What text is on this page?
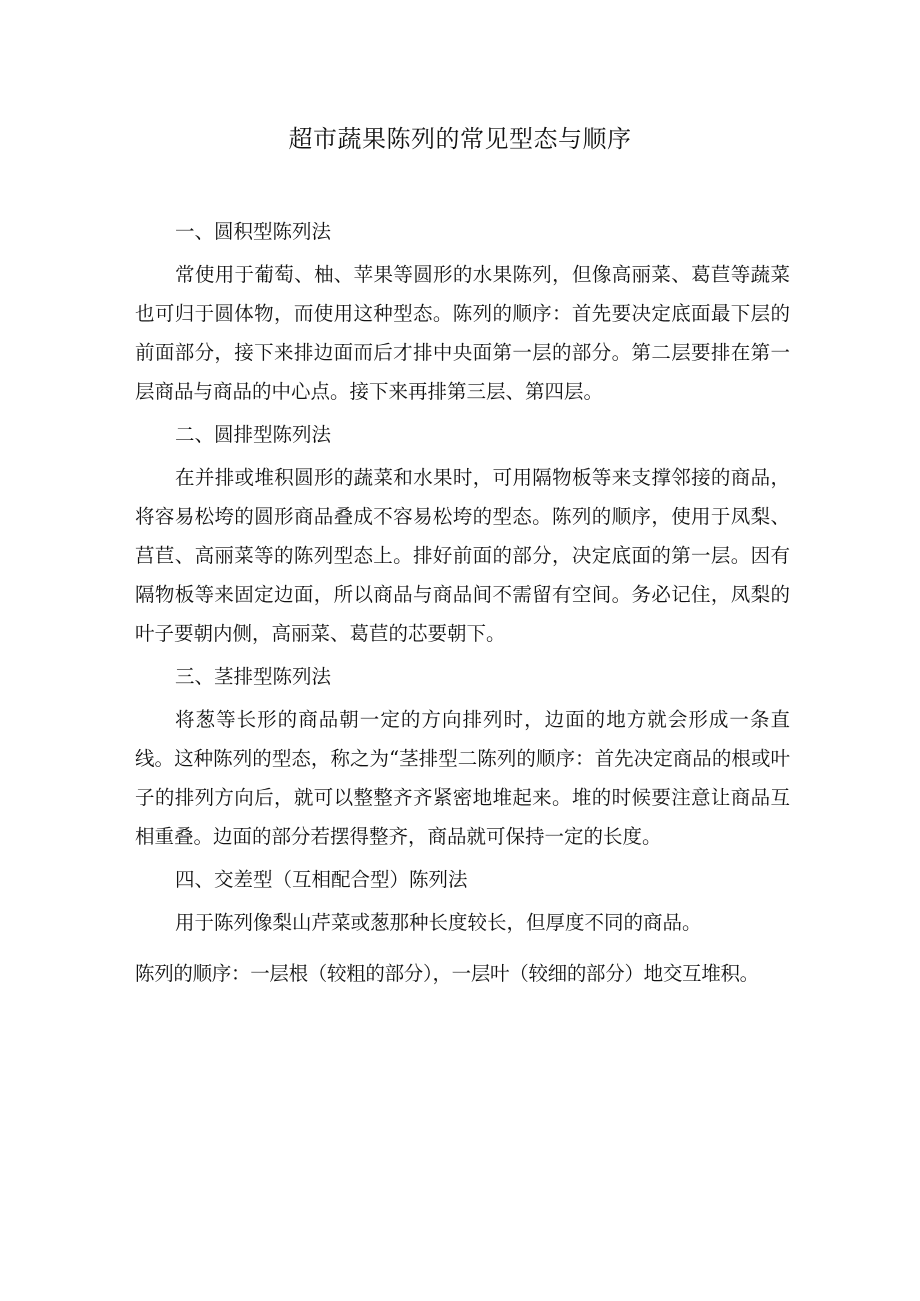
超市蔬果陈列的常见型态与顺序

一、圆积型陈列法

常使用于葡萄、柚、苹果等圆形的水果陈列，但像高丽菜、葛苣等蔬菜也可归于圆体物，而使用这种型态。陈列的顺序：首先要决定底面最下层的前面部分，接下来排边面而后才排中央面第一层的部分。第二层要排在第一层商品与商品的中心点。接下来再排第三层、第四层。

二、圆排型陈列法

在并排或堆积圆形的蔬菜和水果时，可用隔物板等来支撑邻接的商品，将容易松垮的圆形商品叠成不容易松垮的型态。陈列的顺序，使用于凤梨、莒苣、高丽菜等的陈列型态上。排好前面的部分，决定底面的第一层。因有隔物板等来固定边面，所以商品与商品间不需留有空间。务必记住，凤梨的叶子要朝内侧，高丽菜、葛苣的芯要朝下。

三、茎排型陈列法

将葱等长形的商品朝一定的方向排列时，边面的地方就会形成一条直线。这种陈列的型态，称之为“茎排型二陈列的顺序：首先决定商品的根或叶子的排列方向后，就可以整整齐齐紧密地堆起来。堆的时候要注意让商品互相重叠。边面的部分若摆得整齐，商品就可保持一定的长度。

四、交差型（互相配合型）陈列法

用于陈列像梨山芹菜或葱那种长度较长，但厚度不同的商品。

陈列的顺序：一层根（较粗的部分），一层叶（较细的部分）地交互堆积。
